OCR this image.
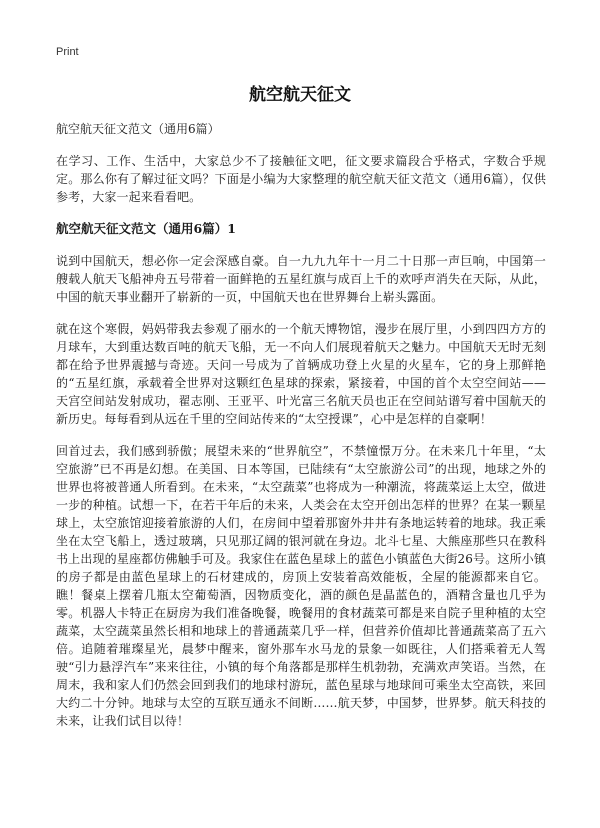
Print
航空航天征文
航空航天征文范文（通用6篇）

在学习、工作、生活中，大家总少不了接触征文吧，征文要求篇段合乎格式，字数合乎规定。那么你有了解过征文吗？下面是小编为大家整理的航空航天征文范文（通用6篇），仅供参考，大家一起来看看吧。

航空航天征文范文（通用6篇）1

说到中国航天，想必你一定会深感自豪。自一九九九年十一月二十日那一声巨响，中国第一艘载人航天飞船神舟五号带着一面鲜艳的五星红旗与成百上千的欢呼声消失在天际，从此，中国的航天事业翻开了崭新的一页，中国航天也在世界舞台上崭头露面。

就在这个寒假，妈妈带我去参观了丽水的一个航天博物馆，漫步在展厅里，小到四四方方的月球车，大到重达数百吨的航天飞船，无一不向人们展现着航天之魅力。中国航天无时无刻都在给予世界震撼与奇迹。天问一号成为了首辆成功登上火星的火星车，它的身上那鲜艳的“五星红旗，承载着全世界对这颗红色星球的探索，紧接着，中国的首个太空空间站——天宫空间站发射成功，翟志刚、王亚平、叶光富三名航天员也正在空间站谱写着中国航天的新历史。每每看到从远在千里的空间站传来的“太空授课”，心中是怎样的自豪啊！

回首过去，我们感到骄傲；展望未来的“世界航空”，不禁憧憬万分。在未来几十年里，“太空旅游”已不再是幻想。在美国、日本等国，已陆续有“太空旅游公司”的出现，地球之外的世界也将被普通人所看到。在未来，“太空蔬菜”也将成为一种潮流，将蔬菜运上太空，做进一步的种植。试想一下，在若干年后的未来，人类会在太空开创出怎样的世界？在某一颗星球上，太空旅馆迎接着旅游的人们，在房间中望着那窗外井井有条地运转着的地球。我正乘坐在太空飞船上，透过玻璃，只见那辽阔的银河就在身边。北斗七星、大熊座那些只在教科书上出现的星座都仿佛触手可及。我家住在蓝色星球上的蓝色小镇蓝色大街26号。这所小镇的房子都是由蓝色星球上的石材建成的，房顶上安装着高效能板，全屋的能源都来自它。瞧！餐桌上摆着几瓶太空葡萄酒，因物质变化，酒的颜色是晶蓝色的，酒精含量也几乎为零。机器人卡特正在厨房为我们准备晚餐，晚餐用的食材蔬菜可都是来自院子里种植的太空蔬菜，太空蔬菜虽然长相和地球上的普通蔬菜几乎一样，但营养价值却比普通蔬菜高了五六倍。追随着璀璨星光，晨梦中醒来，窗外那车水马龙的景象一如既往，人们搭乘着无人驾驶“引力悬浮汽车”来来往往，小镇的每个角落都是那样生机勃勃，充满欢声笑语。当然，在周末，我和家人们仍然会回到我们的地球村游玩，蓝色星球与地球间可乘坐太空高铁，来回大约二十分钟。地球与太空的互联互通永不间断……航天梦，中国梦，世界梦。航天科技的未来，让我们试目以待！
